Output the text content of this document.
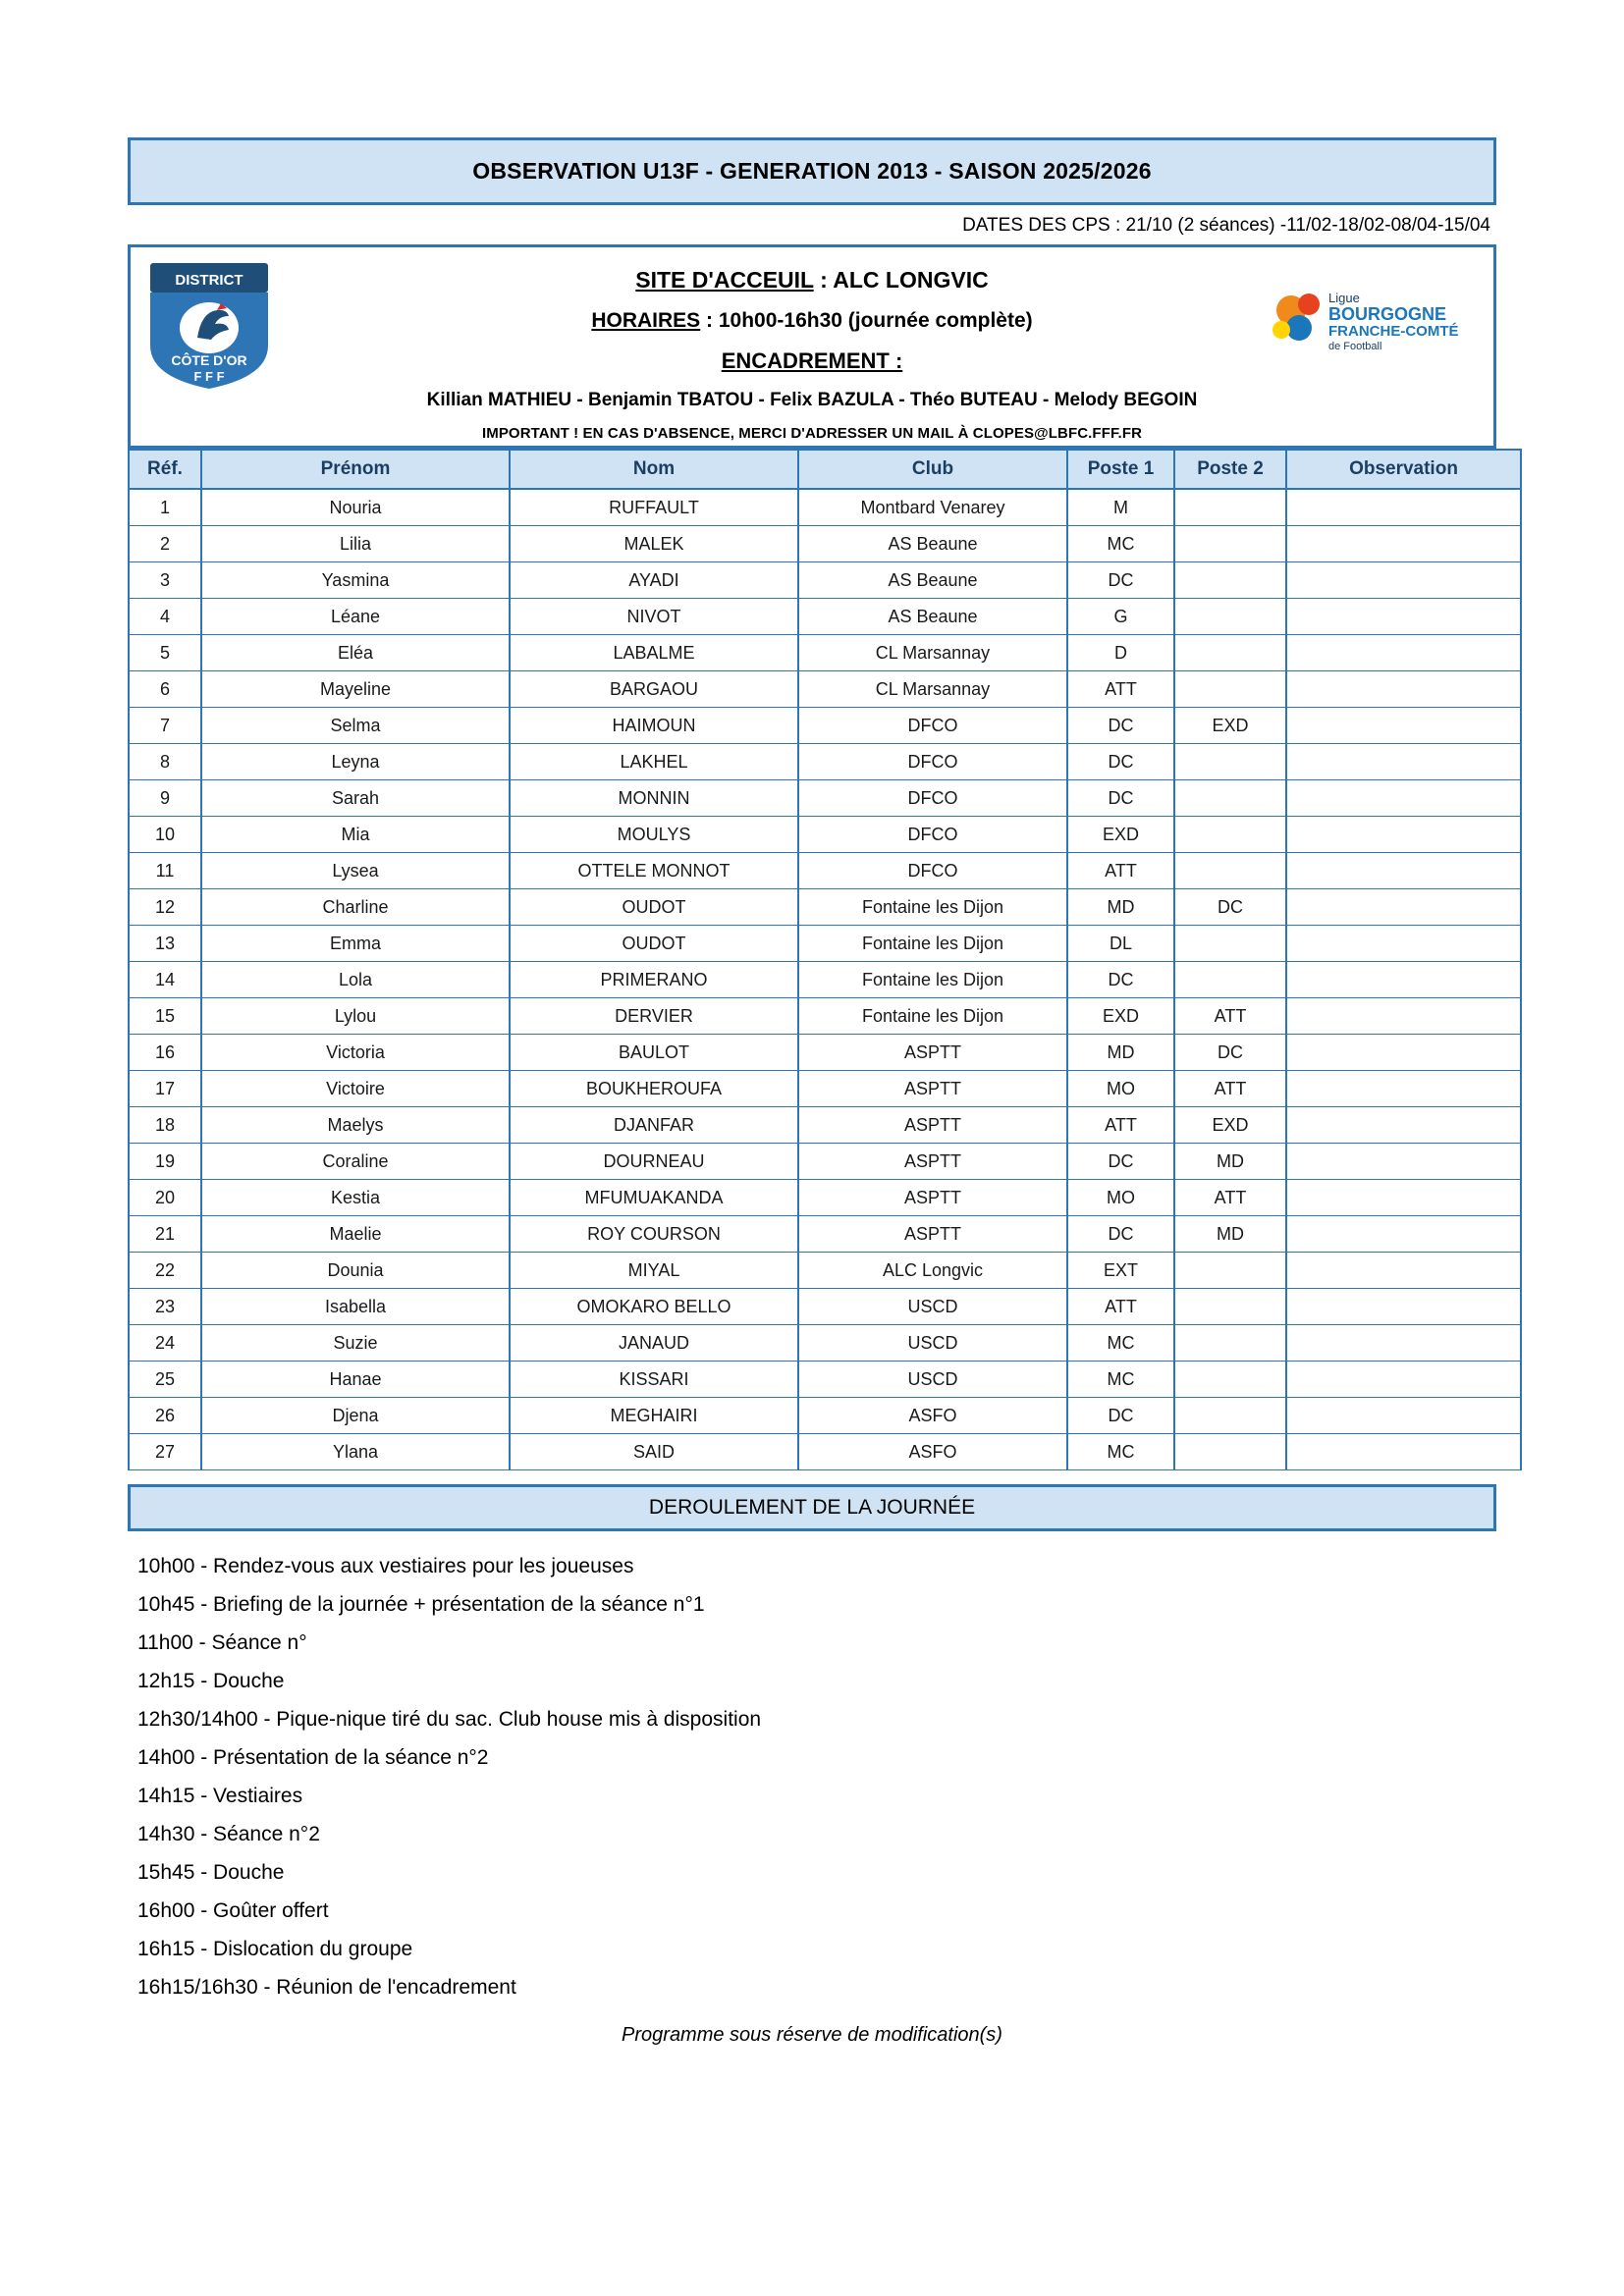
OBSERVATION U13F - GENERATION 2013 - SAISON 2025/2026
DATES DES CPS : 21/10 (2 séances) -11/02-18/02-08/04-15/04
DISTRICT
CÔTE D'OR
F F F
SITE D'ACCEUIL : ALC LONGVIC
HORAIRES : 10h00-16h30 (journée complète)
ENCADREMENT :
Killian MATHIEU - Benjamin TBATOU - Felix BAZULA - Théo BUTEAU - Melody BEGOIN
IMPORTANT ! EN CAS D'ABSENCE, MERCI D'ADRESSER UN MAIL À CLOPES@LBFC.FFF.FR
Ligue
BOURGOGNE
FRANCHE-COMTÉ
de Football
Réf.	Prénom	Nom	Club	Poste 1	Poste 2	Observation
1	Nouria	RUFFAULT	Montbard Venarey	M		
2	Lilia	MALEK	AS Beaune	MC		
3	Yasmina	AYADI	AS Beaune	DC		
4	Léane	NIVOT	AS Beaune	G		
5	Eléa	LABALME	CL Marsannay	D		
6	Mayeline	BARGAOU	CL Marsannay	ATT		
7	Selma	HAIMOUN	DFCO	DC	EXD	
8	Leyna	LAKHEL	DFCO	DC		
9	Sarah	MONNIN	DFCO	DC		
10	Mia	MOULYS	DFCO	EXD		
11	Lysea	OTTELE MONNOT	DFCO	ATT		
12	Charline	OUDOT	Fontaine les Dijon	MD	DC	
13	Emma	OUDOT	Fontaine les Dijon	DL		
14	Lola	PRIMERANO	Fontaine les Dijon	DC		
15	Lylou	DERVIER	Fontaine les Dijon	EXD	ATT	
16	Victoria	BAULOT	ASPTT	MD	DC	
17	Victoire	BOUKHEROUFA	ASPTT	MO	ATT	
18	Maelys	DJANFAR	ASPTT	ATT	EXD	
19	Coraline	DOURNEAU	ASPTT	DC	MD	
20	Kestia	MFUMUAKANDA	ASPTT	MO	ATT	
21	Maelie	ROY COURSON	ASPTT	DC	MD	
22	Dounia	MIYAL	ALC Longvic	EXT		
23	Isabella	OMOKARO BELLO	USCD	ATT		
24	Suzie	JANAUD	USCD	MC		
25	Hanae	KISSARI	USCD	MC		
26	Djena	MEGHAIRI	ASFO	DC		
27	Ylana	SAID	ASFO	MC		
DEROULEMENT DE LA JOURNÉE
10h00 - Rendez-vous aux vestiaires pour les joueuses
10h45 - Briefing de la journée + présentation de la séance n°1
11h00 - Séance n°
12h15 - Douche
12h30/14h00 - Pique-nique tiré du sac. Club house mis à disposition
14h00 - Présentation de la séance n°2
14h15 - Vestiaires
14h30 - Séance n°2
15h45 - Douche
16h00 - Goûter offert
16h15 - Dislocation du groupe
16h15/16h30 - Réunion de l'encadrement
Programme sous réserve de modification(s)
